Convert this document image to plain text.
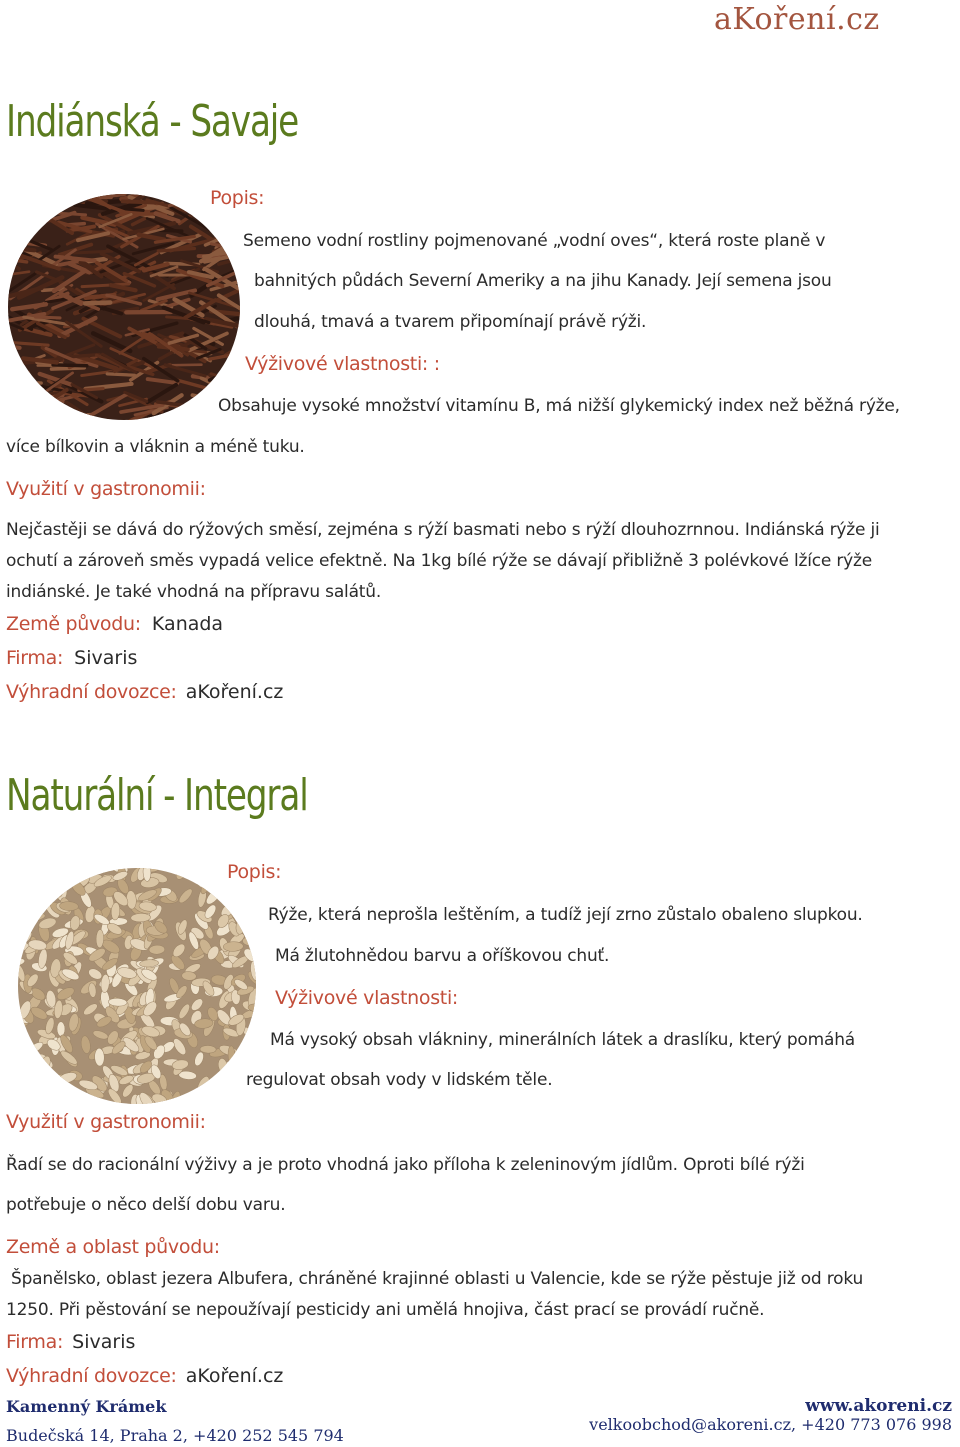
aKoření.cz
Indiánská - Savaje
Popis:
Semeno vodní rostliny pojmenované „vodní oves“, která roste planě v
bahnitých půdách Severní Ameriky a na jihu Kanady. Její semena jsou
dlouhá, tmavá a tvarem připomínají právě rýži.
Výživové vlastnosti: :
Obsahuje vysoké množství vitamínu B, má nižší glykemický index než běžná rýže,
více bílkovin a vláknin a méně tuku.
Využití v gastronomii:
Nejčastěji se dává do rýžových směsí, zejména s rýží basmati nebo s rýží dlouhozrnnou. Indiánská rýže ji
ochutí a zároveň směs vypadá velice efektně. Na 1kg bílé rýže se dávají přibližně 3 polévkové lžíce rýže
indiánské. Je také vhodná na přípravu salátů.
Země původu: Kanada
Firma: Sivaris
Výhradní dovozce: aKoření.cz
Naturální - Integral
Popis:
Rýže, která neprošla leštěním, a tudíž její zrno zůstalo obaleno slupkou.
Má žlutohnědou barvu a oříškovou chuť.
Výživové vlastnosti:
Má vysoký obsah vlákniny, minerálních látek a draslíku, který pomáhá
regulovat obsah vody v lidském těle.
Využití v gastronomii:
Řadí se do racionální výživy a je proto vhodná jako příloha k zeleninovým jídlům. Oproti bílé rýži
potřebuje o něco delší dobu varu.
Země a oblast původu:
Španělsko, oblast jezera Albufera, chráněné krajinné oblasti u Valencie, kde se rýže pěstuje již od roku
1250. Při pěstování se nepoužívají pesticidy ani umělá hnojiva, část prací se provádí ručně.
Firma: Sivaris
Výhradní dovozce: aKoření.cz
Kamenný Krámek
Budečská 14, Praha 2, +420 252 545 794
www.akoreni.cz
velkoobchod@akoreni.cz, +420 773 076 998
